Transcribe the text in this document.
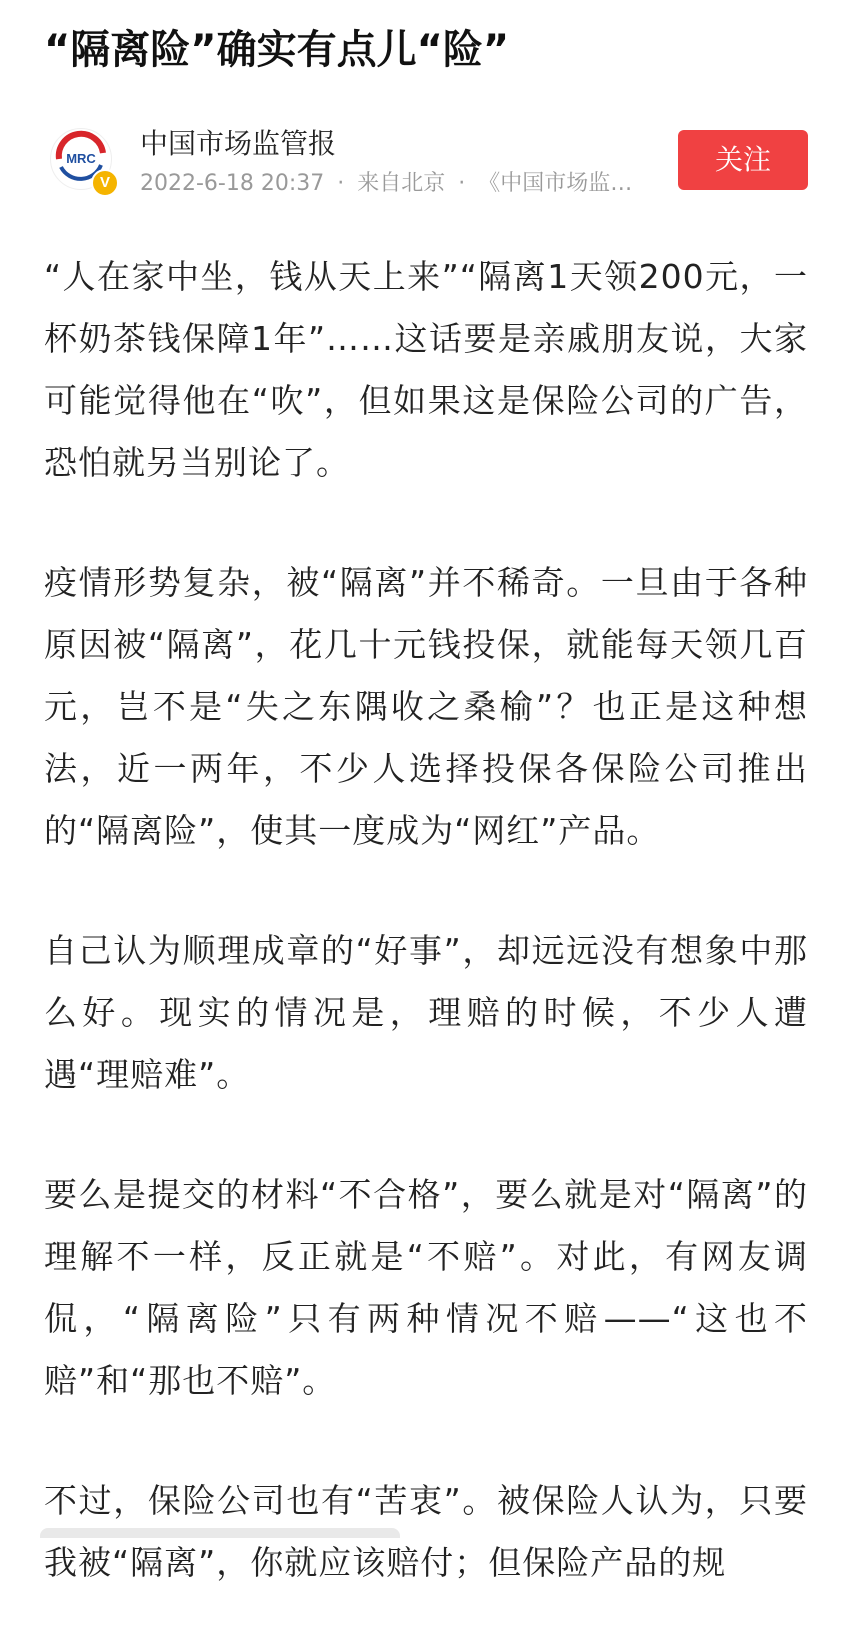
“隔离险”确实有点儿“险”
MRC
V
中国市场监管报
2022-6-18 20:37 · 来自北京 · 《中国市场监…
关注

“人在家中坐，钱从天上来”“隔离1天领200元，一杯奶茶钱保障1年”……这话要是亲戚朋友说，大家可能觉得他在“吹”，但如果这是保险公司的广告，恐怕就另当别论了。

疫情形势复杂，被“隔离”并不稀奇。一旦由于各种原因被“隔离”，花几十元钱投保，就能每天领几百元，岂不是“失之东隅收之桑榆”？也正是这种想法，近一两年，不少人选择投保各保险公司推出的“隔离险”，使其一度成为“网红”产品。

自己认为顺理成章的“好事”，却远远没有想象中那么好。现实的情况是，理赔的时候，不少人遭遇“理赔难”。

要么是提交的材料“不合格”，要么就是对“隔离”的理解不一样，反正就是“不赔”。对此，有网友调侃，“隔离险”只有两种情况不赔——“这也不赔”和“那也不赔”。

不过，保险公司也有“苦衷”。被保险人认为，只要我被“隔离”，你就应该赔付；但保险产品的规
